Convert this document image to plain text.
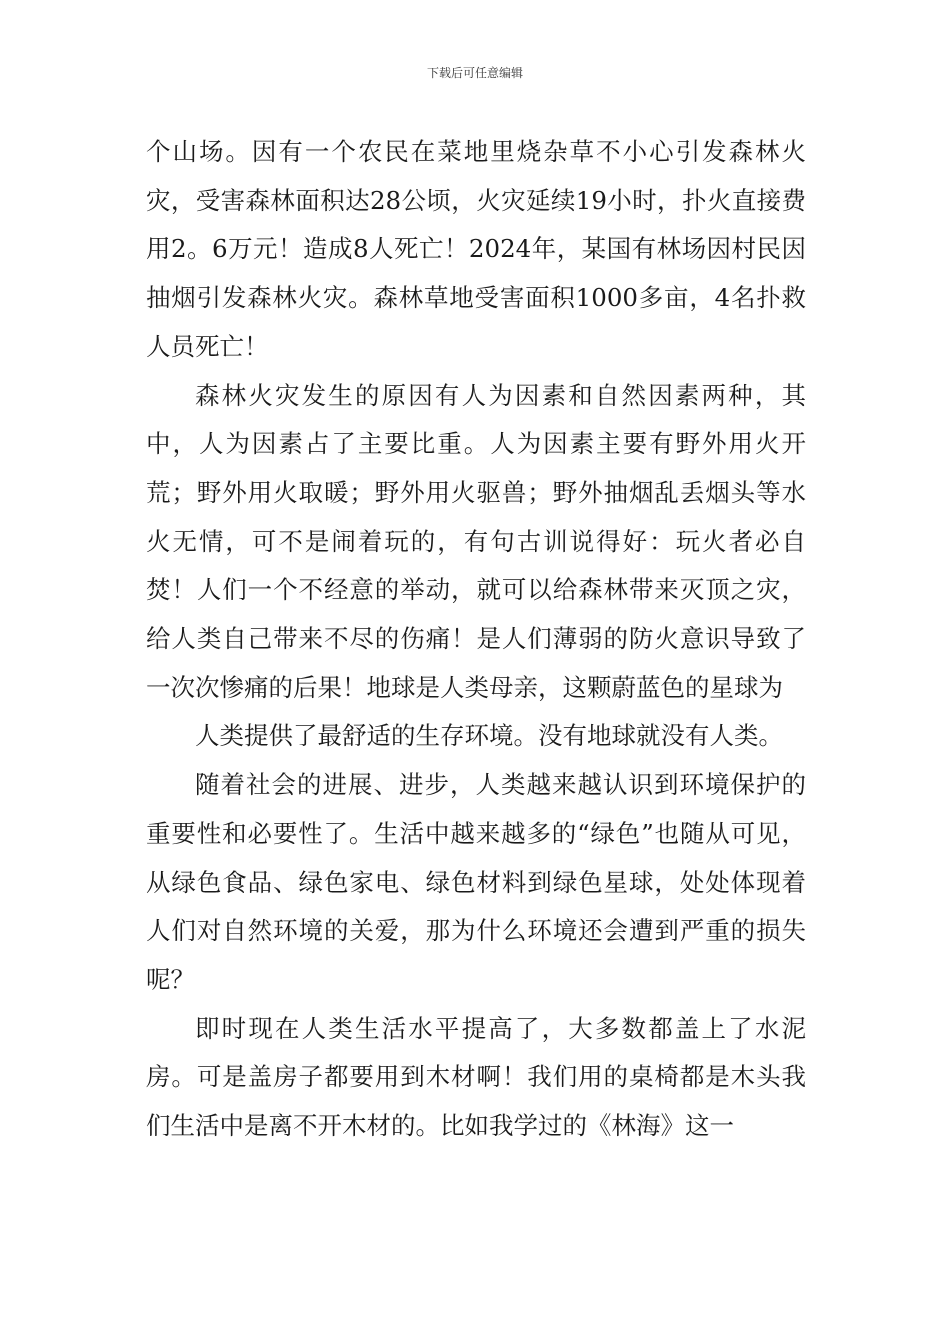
下载后可任意编辑

个山场。因有一个农民在菜地里烧杂草不小心引发森林火灾，受害森林面积达28公顷，火灾延续19小时，扑火直接费用2。6万元！造成8人死亡！2024年，某国有林场因村民因抽烟引发森林火灾。森林草地受害面积1000多亩，4名扑救人员死亡！

森林火灾发生的原因有人为因素和自然因素两种，其中，人为因素占了主要比重。人为因素主要有野外用火开荒；野外用火取暖；野外用火驱兽；野外抽烟乱丢烟头等水火无情，可不是闹着玩的，有句古训说得好：玩火者必自焚！人们一个不经意的举动，就可以给森林带来灭顶之灾，给人类自己带来不尽的伤痛！是人们薄弱的防火意识导致了一次次惨痛的后果！地球是人类母亲，这颗蔚蓝色的星球为

人类提供了最舒适的生存环境。没有地球就没有人类。

随着社会的进展、进步，人类越来越认识到环境保护的重要性和必要性了。生活中越来越多的“绿色”也随从可见，从绿色食品、绿色家电、绿色材料到绿色星球，处处体现着人们对自然环境的关爱，那为什么环境还会遭到严重的损失呢？

即时现在人类生活水平提高了，大多数都盖上了水泥房。可是盖房子都要用到木材啊！我们用的桌椅都是木头我们生活中是离不开木材的。比如我学过的《林海》这一
